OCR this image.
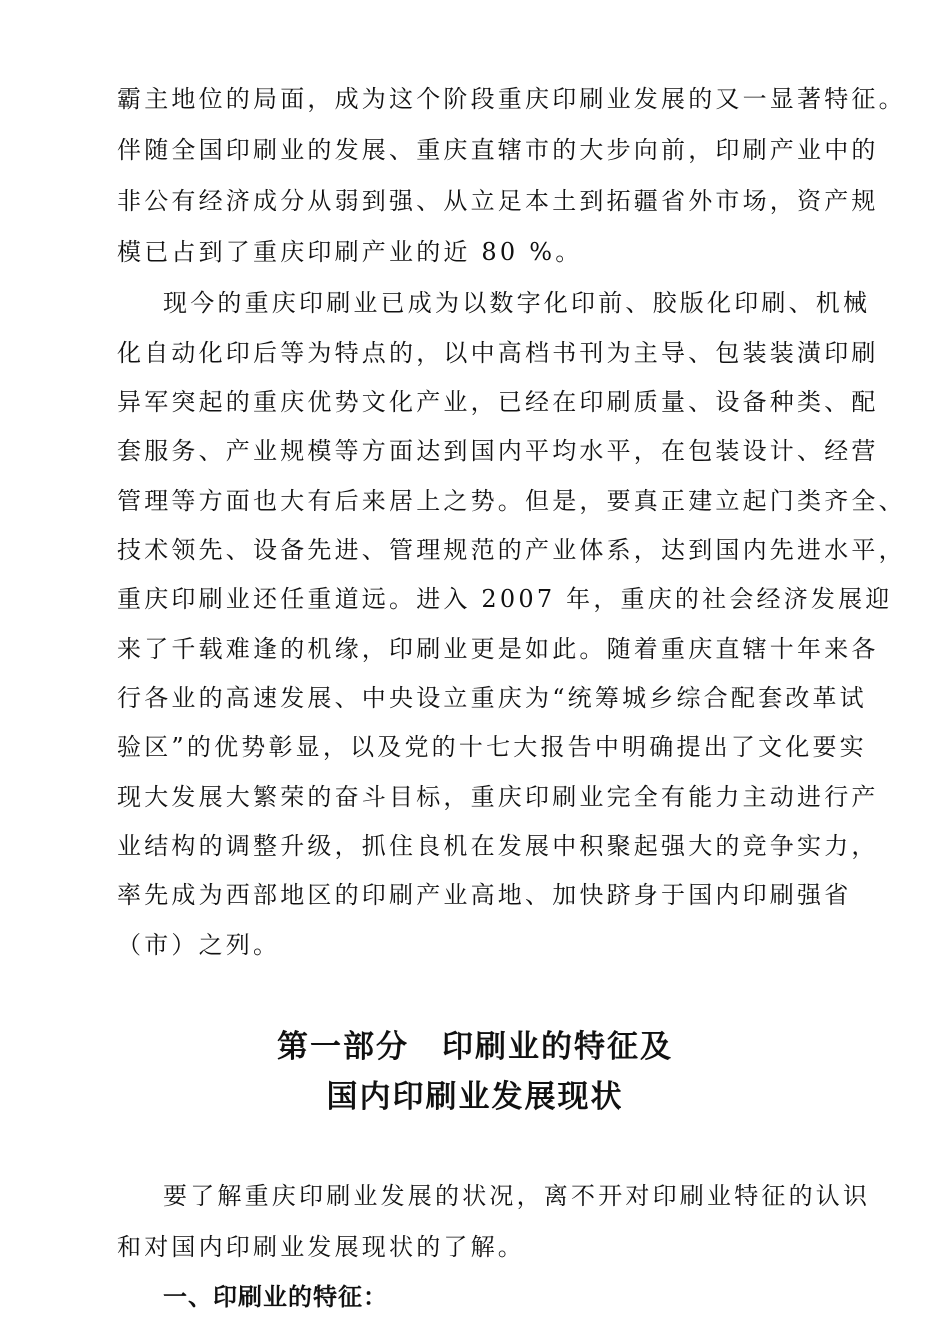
霸主地位的局面，成为这个阶段重庆印刷业发展的又一显著特征。
伴随全国印刷业的发展、重庆直辖市的大步向前，印刷产业中的
非公有经济成分从弱到强、从立足本土到拓疆省外市场，资产规
模已占到了重庆印刷产业的近 80 %。
现今的重庆印刷业已成为以数字化印前、胶版化印刷、机械
化自动化印后等为特点的，以中高档书刊为主导、包装装潢印刷
异军突起的重庆优势文化产业，已经在印刷质量、设备种类、配
套服务、产业规模等方面达到国内平均水平，在包装设计、经营
管理等方面也大有后来居上之势。但是，要真正建立起门类齐全、
技术领先、设备先进、管理规范的产业体系，达到国内先进水平，
重庆印刷业还任重道远。进入 2007 年，重庆的社会经济发展迎
来了千载难逢的机缘，印刷业更是如此。随着重庆直辖十年来各
行各业的高速发展、中央设立重庆为“统筹城乡综合配套改革试
验区”的优势彰显，以及党的十七大报告中明确提出了文化要实
现大发展大繁荣的奋斗目标，重庆印刷业完全有能力主动进行产
业结构的调整升级，抓住良机在发展中积聚起强大的竞争实力，
率先成为西部地区的印刷产业高地、加快跻身于国内印刷强省
（市）之列。
第一部分　印刷业的特征及
国内印刷业发展现状
要了解重庆印刷业发展的状况，离不开对印刷业特征的认识
和对国内印刷业发展现状的了解。
一、印刷业的特征：
